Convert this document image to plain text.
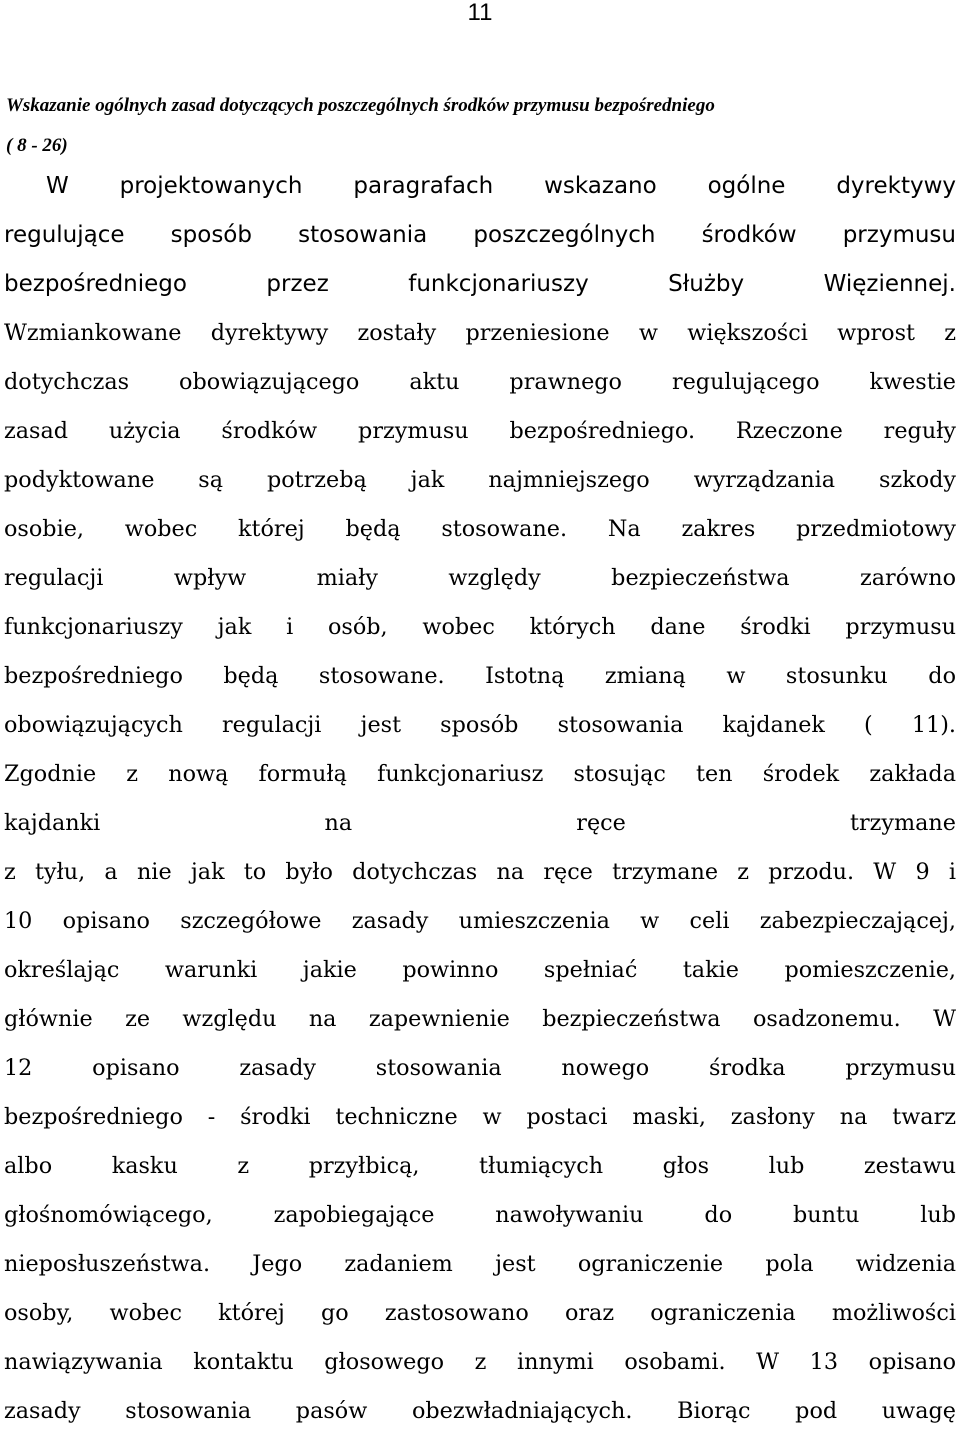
11
Wskazanie ogólnych zasad dotyczących poszczególnych środków przymusu bezpośredniego
( 8 - 26)
W projektowanych paragrafach wskazano ogólne dyrektywy
regulujące sposób stosowania poszczególnych środków przymusu
bezpośredniego przez funkcjonariuszy Służby Więziennej.
Wzmiankowane dyrektywy zostały przeniesione w większości wprost z
dotychczas obowiązującego aktu prawnego regulującego kwestie
zasad użycia środków przymusu bezpośredniego. Rzeczone reguły
podyktowane są potrzebą jak najmniejszego wyrządzania szkody
osobie, wobec której będą stosowane. Na zakres przedmiotowy
regulacji wpływ miały względy bezpieczeństwa zarówno
funkcjonariuszy jak i osób, wobec których dane środki przymusu
bezpośredniego będą stosowane. Istotną zmianą w stosunku do
obowiązujących regulacji jest sposób stosowania kajdanek ( 11).
Zgodnie z nową formułą funkcjonariusz stosując ten środek zakłada
kajdanki na ręce trzymane
z tyłu, a nie jak to było dotychczas na ręce trzymane z przodu. W 9 i
10 opisano szczegółowe zasady umieszczenia w celi zabezpieczającej,
określając warunki jakie powinno spełniać takie pomieszczenie,
głównie ze względu na zapewnienie bezpieczeństwa osadzonemu. W
12 opisano zasady stosowania nowego środka przymusu
bezpośredniego - środki techniczne w postaci maski, zasłony na twarz
albo kasku z przyłbicą, tłumiących głos lub zestawu
głośnomówiącego, zapobiegające nawoływaniu do buntu lub
nieposłuszeństwa. Jego zadaniem jest ograniczenie pola widzenia
osoby, wobec której go zastosowano oraz ograniczenia możliwości
nawiązywania kontaktu głosowego z innymi osobami. W 13 opisano
zasady stosowania pasów obezwładniających. Biorąc pod uwagę
